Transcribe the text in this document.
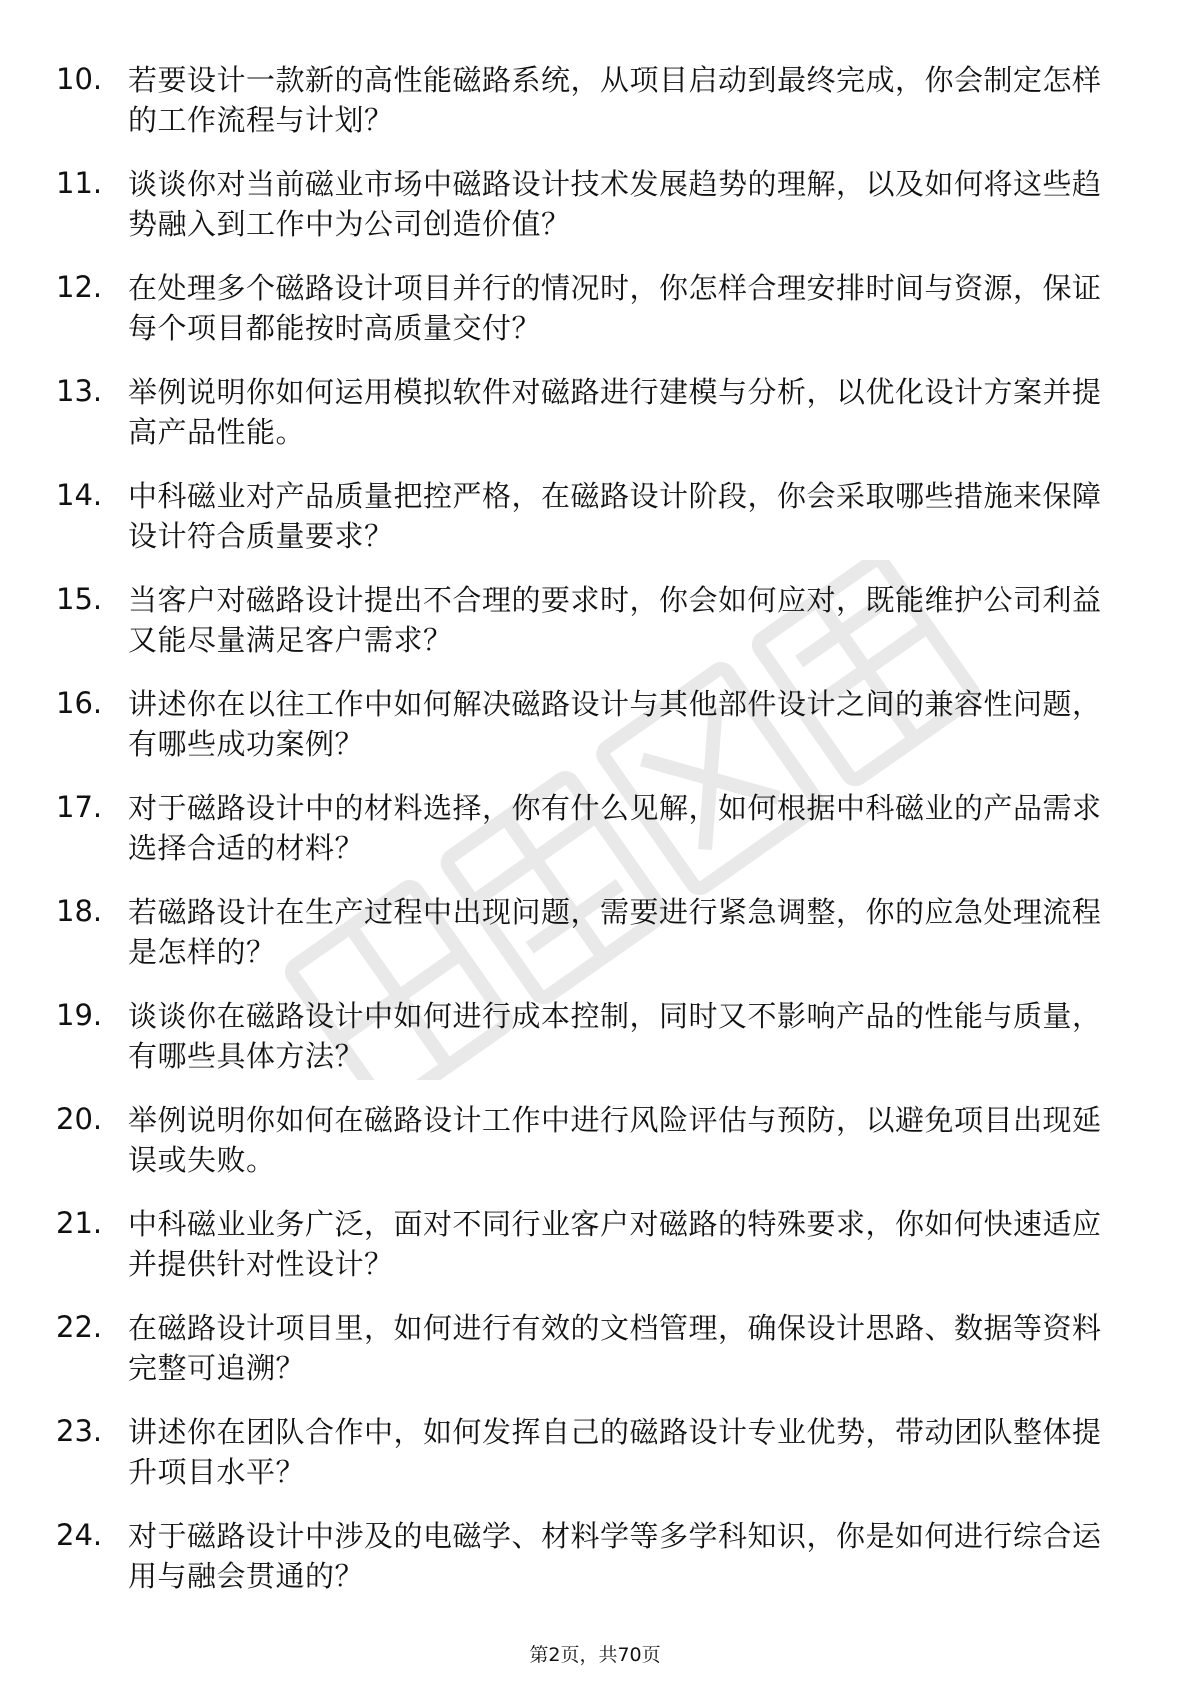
10. 若要设计一款新的高性能磁路系统，从项目启动到最终完成，你会制定怎样的工作流程与计划？
11. 谈谈你对当前磁业市场中磁路设计技术发展趋势的理解，以及如何将这些趋势融入到工作中为公司创造价值？
12. 在处理多个磁路设计项目并行的情况时，你怎样合理安排时间与资源，保证每个项目都能按时高质量交付？
13. 举例说明你如何运用模拟软件对磁路进行建模与分析，以优化设计方案并提高产品性能。
14. 中科磁业对产品质量把控严格，在磁路设计阶段，你会采取哪些措施来保障设计符合质量要求？
15. 当客户对磁路设计提出不合理的要求时，你会如何应对，既能维护公司利益又能尽量满足客户需求？
16. 讲述你在以往工作中如何解决磁路设计与其他部件设计之间的兼容性问题，有哪些成功案例？
17. 对于磁路设计中的材料选择，你有什么见解，如何根据中科磁业的产品需求选择合适的材料？
18. 若磁路设计在生产过程中出现问题，需要进行紧急调整，你的应急处理流程是怎样的？
19. 谈谈你在磁路设计中如何进行成本控制，同时又不影响产品的性能与质量，有哪些具体方法？
20. 举例说明你如何在磁路设计工作中进行风险评估与预防，以避免项目出现延误或失败。
21. 中科磁业业务广泛，面对不同行业客户对磁路的特殊要求，你如何快速适应并提供针对性设计？
22. 在磁路设计项目里，如何进行有效的文档管理，确保设计思路、数据等资料完整可追溯？
23. 讲述你在团队合作中，如何发挥自己的磁路设计专业优势，带动团队整体提升项目水平？
24. 对于磁路设计中涉及的电磁学、材料学等多学科知识，你是如何进行综合运用与融会贯通的？
第2页，共70页
